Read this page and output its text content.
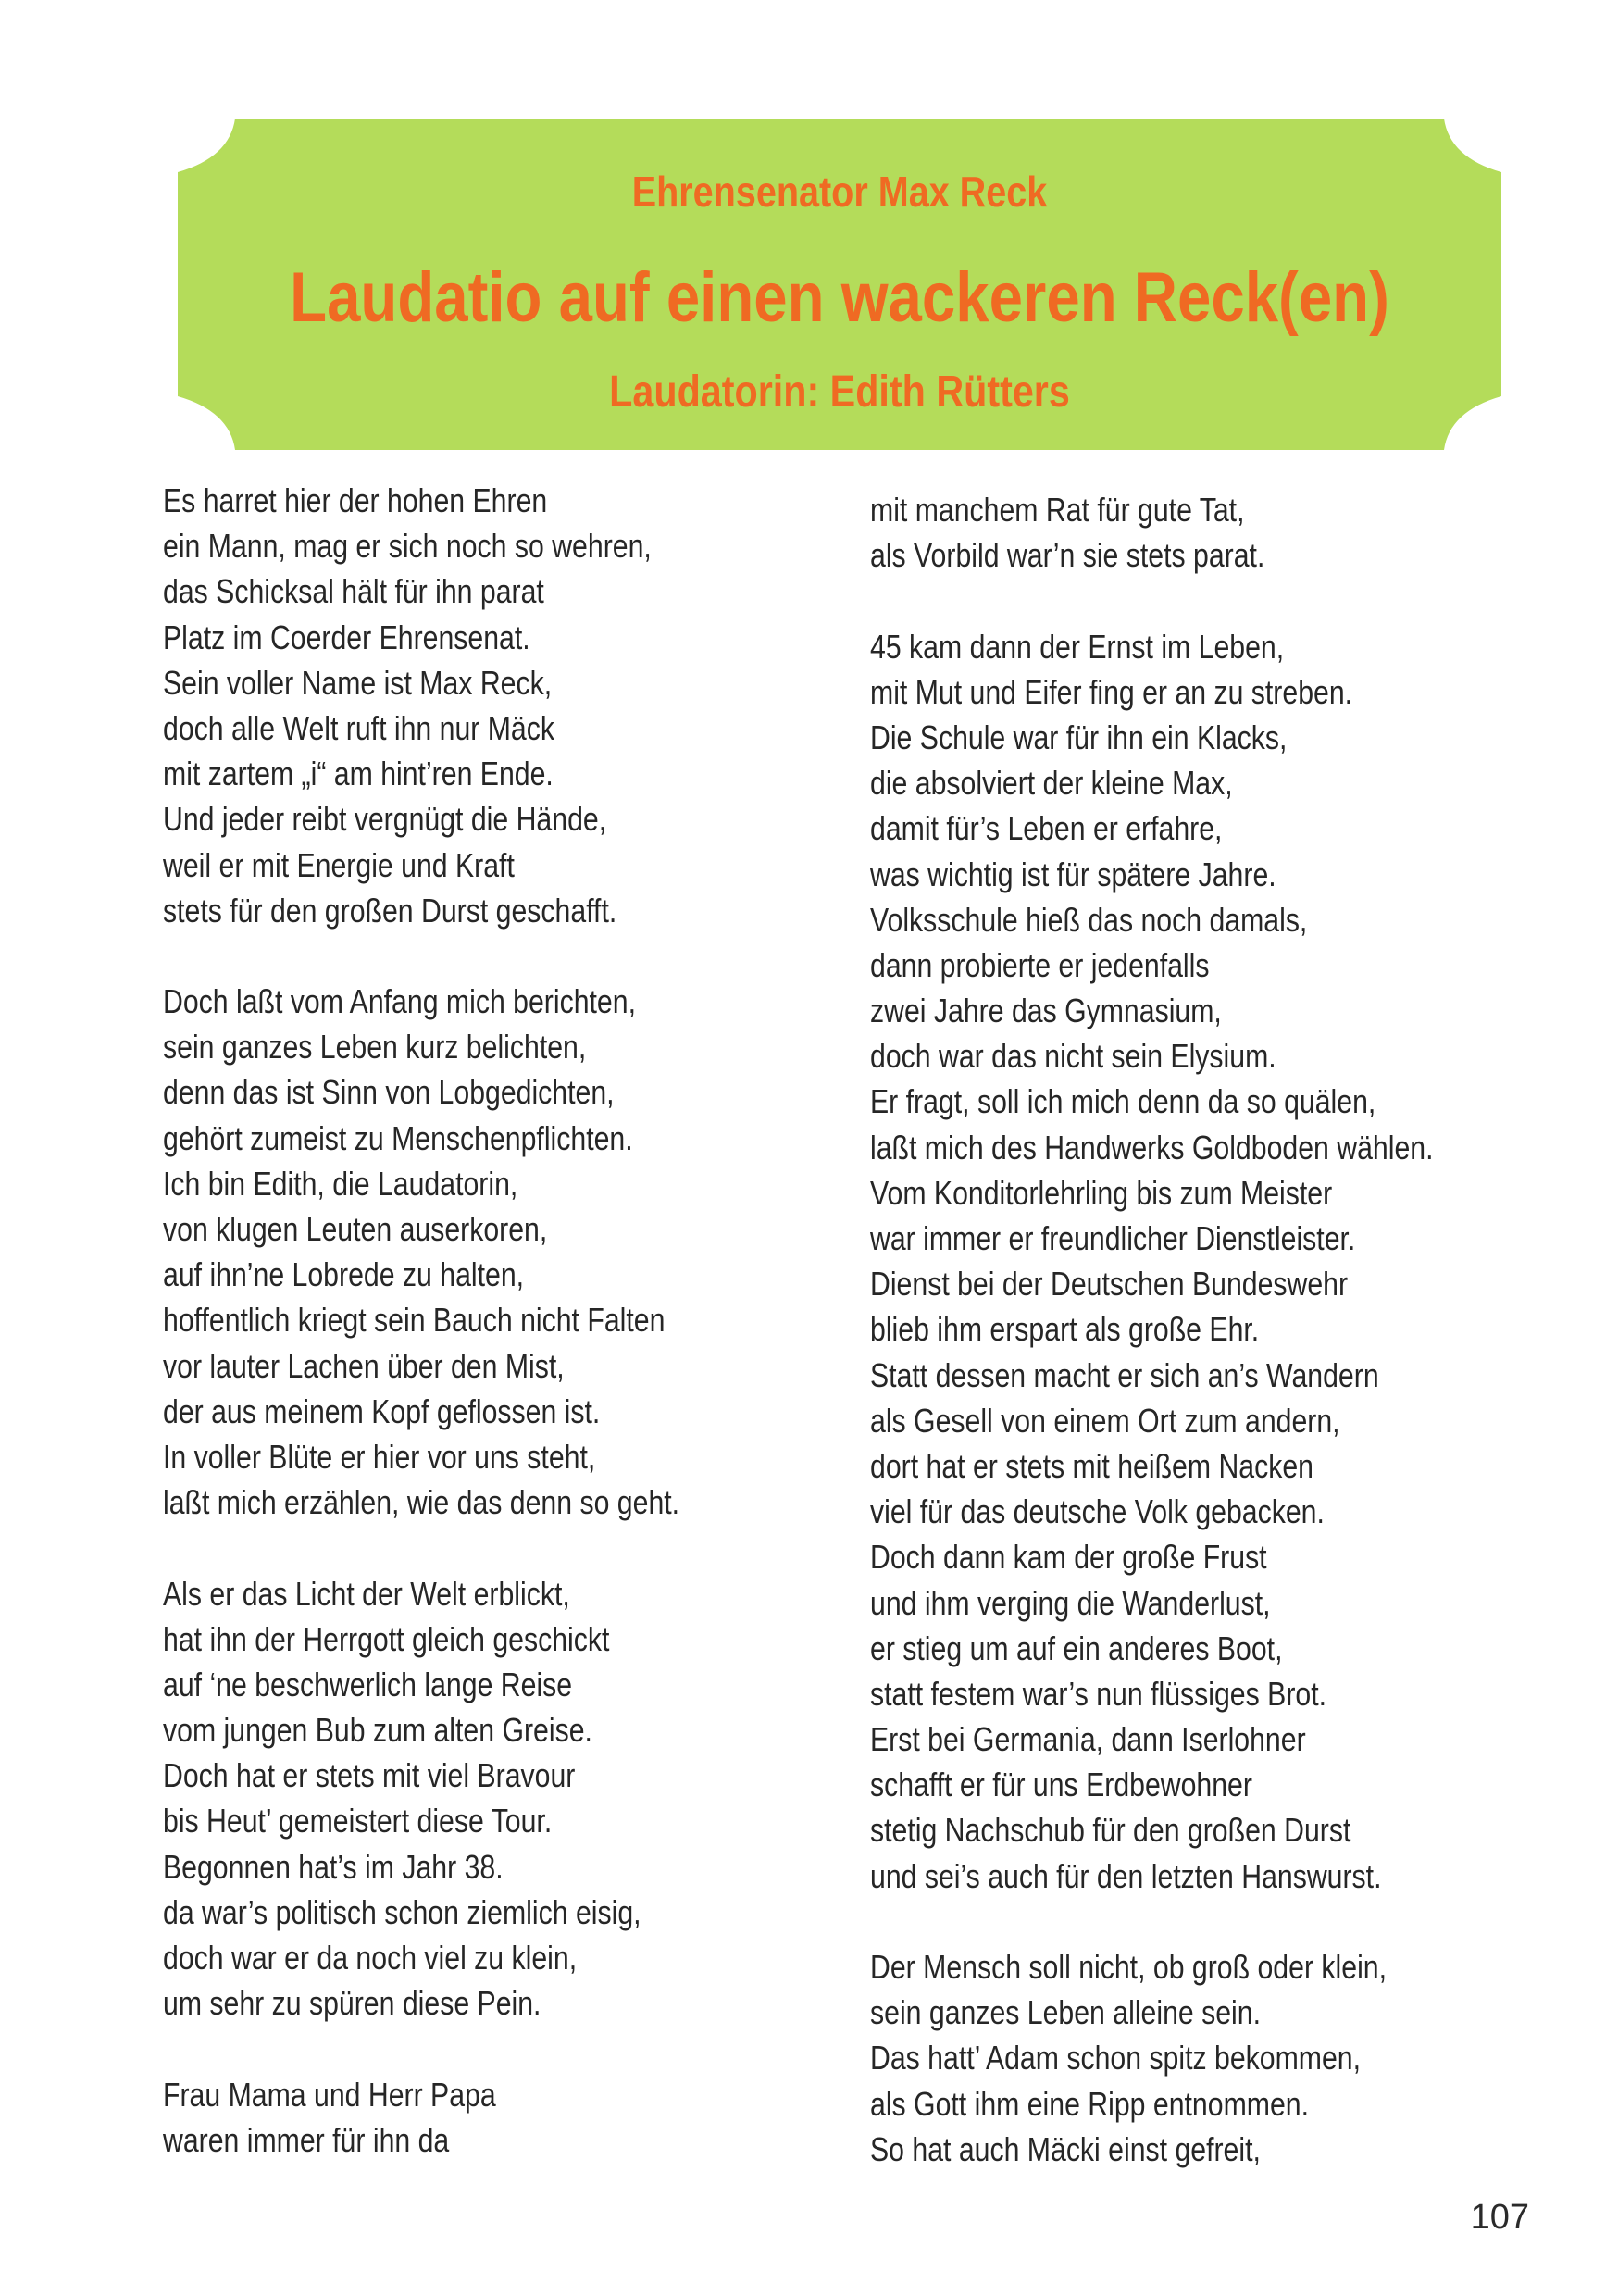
Ehrensenator Max Reck
Laudatio auf einen wackeren Reck(en)
Laudatorin: Edith Rütters
Es harret hier der hohen Ehren
ein Mann, mag er sich noch so wehren,
das Schicksal hält für ihn parat
Platz im Coerder Ehrensenat.
Sein voller Name ist Max Reck,
doch alle Welt ruft ihn nur Mäck
mit zartem „i“ am hint’ren Ende.
Und jeder reibt vergnügt die Hände,
weil er mit Energie und Kraft
stets für den großen Durst geschafft.
Doch laßt vom Anfang mich berichten,
sein ganzes Leben kurz belichten,
denn das ist Sinn von Lobgedichten,
gehört zumeist zu Menschenpflichten.
Ich bin Edith, die Laudatorin,
von klugen Leuten auserkoren,
auf ihn’ne Lobrede zu halten,
hoffentlich kriegt sein Bauch nicht Falten
vor lauter Lachen über den Mist,
der aus meinem Kopf geflossen ist.
In voller Blüte er hier vor uns steht,
laßt mich erzählen, wie das denn so geht.
Als er das Licht der Welt erblickt,
hat ihn der Herrgott gleich geschickt
auf ‘ne beschwerlich lange Reise
vom jungen Bub zum alten Greise.
Doch hat er stets mit viel Bravour
bis Heut’ gemeistert diese Tour.
Begonnen hat’s im Jahr 38.
da war’s politisch schon ziemlich eisig,
doch war er da noch viel zu klein,
um sehr zu spüren diese Pein.
Frau Mama und Herr Papa
waren immer für ihn da
mit manchem Rat für gute Tat,
als Vorbild war’n sie stets parat.
45 kam dann der Ernst im Leben,
mit Mut und Eifer fing er an zu streben.
Die Schule war für ihn ein Klacks,
die absolviert der kleine Max,
damit für’s Leben er erfahre,
was wichtig ist für spätere Jahre.
Volksschule hieß das noch damals,
dann probierte er jedenfalls
zwei Jahre das Gymnasium,
doch war das nicht sein Elysium.
Er fragt, soll ich mich denn da so quälen,
laßt mich des Handwerks Goldboden wählen.
Vom Konditorlehrling bis zum Meister
war immer er freundlicher Dienstleister.
Dienst bei der Deutschen Bundeswehr
blieb ihm erspart als große Ehr.
Statt dessen macht er sich an’s Wandern
als Gesell von einem Ort zum andern,
dort hat er stets mit heißem Nacken
viel für das deutsche Volk gebacken.
Doch dann kam der große Frust
und ihm verging die Wanderlust,
er stieg um auf ein anderes Boot,
statt festem war’s nun flüssiges Brot.
Erst bei Germania, dann Iserlohner
schafft er für uns Erdbewohner
stetig Nachschub für den großen Durst
und sei’s auch für den letzten Hanswurst.
Der Mensch soll nicht, ob groß oder klein,
sein ganzes Leben alleine sein.
Das hatt’ Adam schon spitz bekommen,
als Gott ihm eine Ripp entnommen.
So hat auch Mäcki einst gefreit,
107
